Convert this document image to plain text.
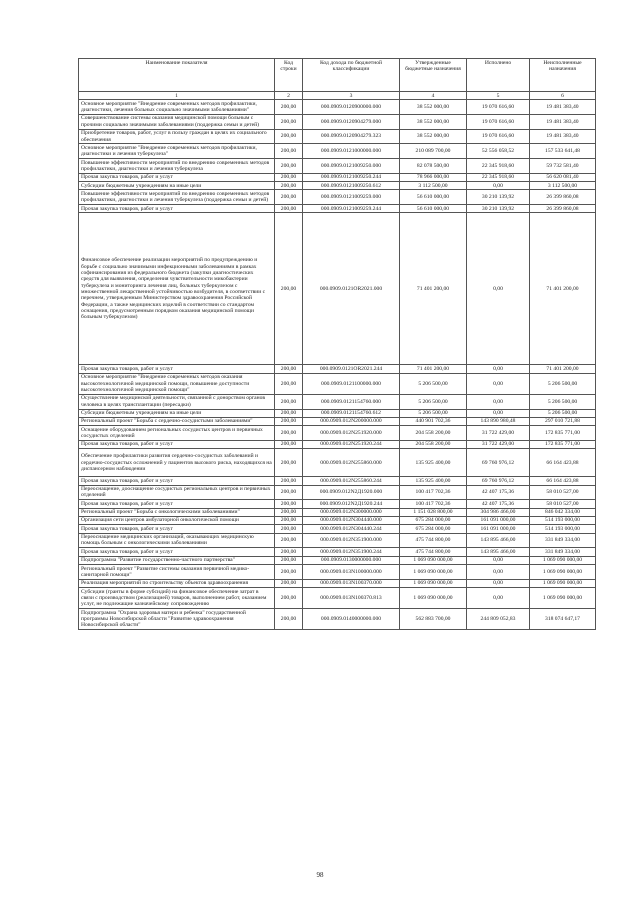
Наименование показателя	Код строки	Код дохода по бюджетной классификации	Утвержденные бюджетные назначения	Исполнено	Неисполненные назначения
1	2	3	4	5	6
Основное мероприятие "Внедрение современных методов профилактики, диагностики, лечения больных социально значимыми заболеваниями"	200,00	000.0909.0120900000.000	38 552 000,00	19 070 616,60	19 481 383,40
Совершенствование системы оказания медицинской помощи больным с прочими социально значимыми заболеваниями (поддержка семьи и детей)	200,00	000.0909.0120904279.000	38 552 000,00	19 070 616,60	19 481 383,40
Приобретение товаров, работ, услуг в пользу граждан в целях их социального обеспечения	200,00	000.0909.0120904279.323	38 552 000,00	19 070 616,60	19 481 383,40
Основное мероприятие "Внедрение современных методов профилактики, диагностики и лечения туберкулеза"	200,00	000.0909.0121000000.000	210 089 700,00	52 556 058,52	157 533 641,48
Повышение эффективности мероприятий по внедрению современных методов профилактики, диагностики и лечения туберкулеза	200,00	000.0909.0121009250.000	82 078 500,00	22 345 918,60	59 732 581,40
Прочая закупка товаров, работ и услуг	200,00	000.0909.0121009250.244	78 966 000,00	22 345 918,60	56 620 081,40
Субсидии бюджетным учреждениям на иные цели	200,00	000.0909.0121009250.612	3 112 500,00	0,00	3 112 500,00
Повышение эффективности мероприятий по внедрению современных методов профилактики, диагностики и лечения туберкулеза (поддержка семьи и детей)	200,00	000.0909.0121009259.000	56 610 000,00	30 210 139,92	26 399 860,08
Прочая закупка товаров, работ и услуг	200,00	000.0909.0121009259.244	56 610 000,00	30 210 139,92	26 399 860,08
Финансовое обеспечение реализации мероприятий по предупреждению и борьбе с социально значимыми инфекционными заболеваниями в рамках софинансирования из федерального бюджета (закупки диагностических средств для выявления, определения чувствительности микобактерии туберкулеза и мониторинга лечения лиц, больных туберкулезом с множественной лекарственной устойчивостью возбудителя, в соответствии с перечнем, утвержденным Министерством здравоохранения Российской Федерации, а также медицинских изделий в соответствии со стандартом оснащения, предусмотренным порядком оказания медицинской помощи больным туберкулезом)	200,00	000.0909.0121ОR2021.000	71 401 200,00	0,00	71 401 200,00
Прочая закупка товаров, работ и услуг	200,00	000.0909.0121ОR2021.244	71 401 200,00	0,00	71 401 200,00
Основное мероприятие "Внедрение современных методов оказания высокотехнологичной медицинской помощи, повышение доступности высокотехнологичной медицинской помощи"	200,00	000.0909.0121100000.000	5 206 500,00	0,00	5 206 500,00
Осуществление медицинской деятельности, связанной с донорством органов человека в целях трансплантации (пересадки)	200,00	000.0909.0121154760.000	5 206 500,00	0,00	5 206 500,00
Субсидии бюджетным учреждениям на иные цели	200,00	000.0909.0121154760.612	5 206 500,00	0,00	5 206 500,00
Региональный проект "Борьба с сердечно-сосудистыми заболеваниями"	200,00	000.0909.012N200000.000	440 901 702,36	143 890 980,48	297 010 721,88
Оснащение оборудованием региональных сосудистых центров и первичных сосудистых отделений	200,00	000.0909.012N251920.000	204 558 200,00	31 722 429,00	172 835 771,00
Прочая закупка товаров, работ и услуг	200,00	000.0909.012N251920.244	204 558 200,00	31 722 429,00	172 835 771,00
Обеспечение профилактики развития сердечно-сосудистых заболеваний и сердечно-сосудистых осложнений у пациентов высокого риска, находящихся на диспансерном наблюдении	200,00	000.0909.012N255860.000	135 925 400,00	69 760 976,12	66 164 423,88
Прочая закупка товаров, работ и услуг	200,00	000.0909.012N255860.244	135 925 400,00	69 760 976,12	66 164 423,88
Переоснащение, дооснащение сосудистых региональных центров и первичных отделений	200,00	000.0909.012N2Д1920.000	100 417 702,36	42 407 175,36	58 010 527,00
Прочая закупка товаров, работ и услуг	200,00	000.0909.012N2Д1920.244	100 417 702,36	42 407 175,36	58 010 527,00
Региональный проект "Борьба с онкологическими заболеваниями"	200,00	000.0909.012N300000.000	1 151 028 800,00	304 986 466,00	846 042 334,00
Организация сети центров амбулаторной онкологической помощи	200,00	000.0909.012N304440.000	675 284 000,00	161 091 000,00	514 193 000,00
Прочая закупка товаров, работ и услуг	200,00	000.0909.012N304440.244	675 284 000,00	161 091 000,00	514 193 000,00
Переоснащение медицинских организаций, оказывающих медицинскую помощь больным с онкологическими заболеваниями	200,00	000.0909.012N351900.000	475 744 800,00	143 895 466,00	331 849 334,00
Прочая закупка товаров, работ и услуг	200,00	000.0909.012N351900.244	475 744 800,00	143 895 466,00	331 849 334,00
Подпрограмма "Развитие государственно-частного партнерства"	200,00	000.0909.0130000000.000	1 069 090 000,00	0,00	1 069 090 000,00
Региональный проект "Развитие системы оказания первичной медико-санитарной помощи"	200,00	000.0909.013N100000.000	1 069 090 000,00	0,00	1 069 090 000,00
Реализация мероприятий по строительству объектов здравоохранения	200,00	000.0909.013N100370.000	1 069 090 000,00	0,00	1 069 090 000,00
Субсидии (гранты в форме субсидий) на финансовое обеспечение затрат в связи с производством (реализацией) товаров, выполнением работ, оказанием услуг, не подлежащие казначейскому сопровождению	200,00	000.0909.013N100370.813	1 069 090 000,00	0,00	1 069 090 000,00
Подпрограмма "Охрана здоровья матери и ребенка" государственной программы Новосибирской области "Развитие здравоохранения Новосибирской области"	200,00	000.0909.0140000000.000	562 883 700,00	244 809 052,83	318 074 647,17
98
